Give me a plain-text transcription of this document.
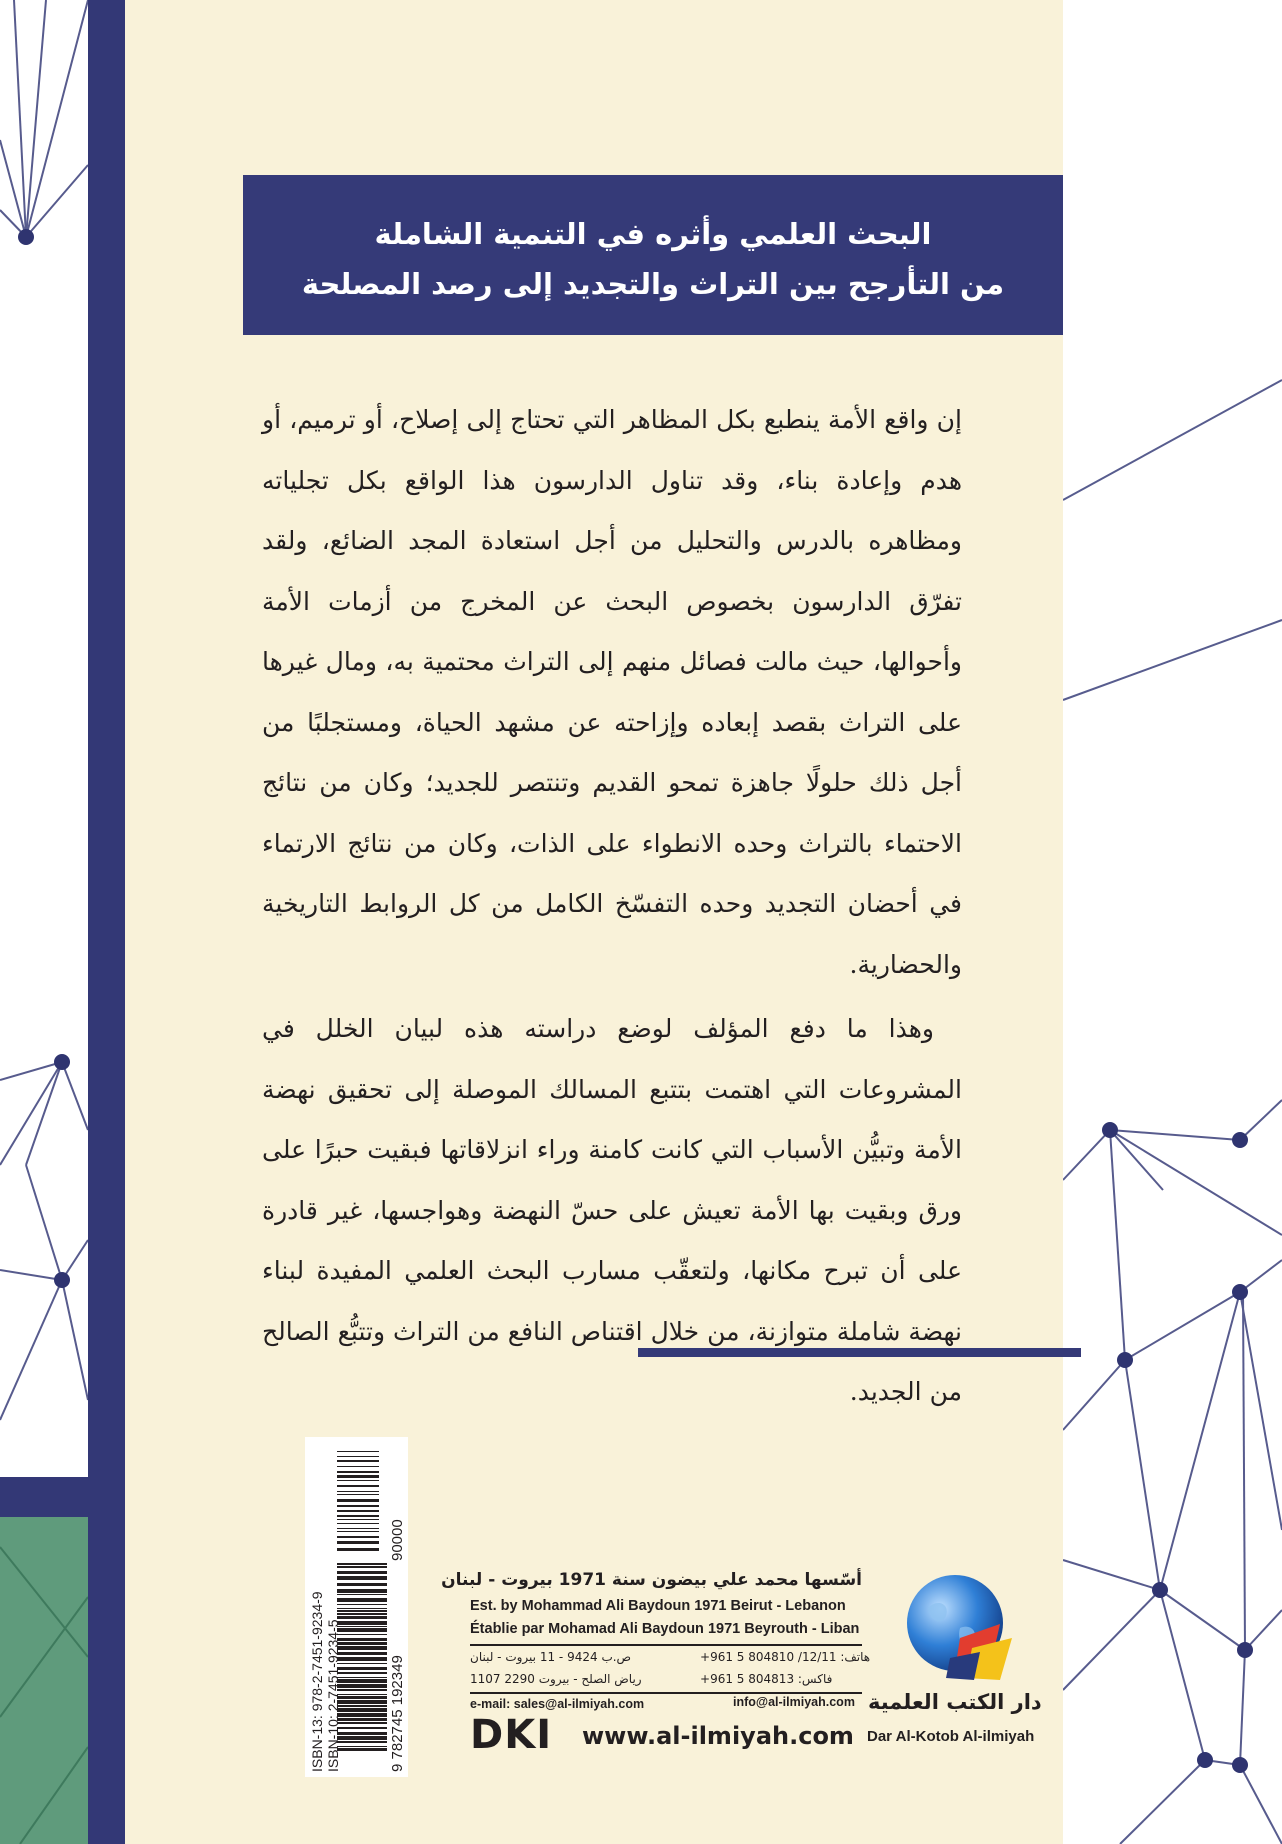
البحث العلمي وأثره في التنمية الشاملة
من التأرجح بين التراث والتجديد إلى رصد المصلحة

إن واقع الأمة ينطبع بكل المظاهر التي تحتاج إلى إصلاح، أو ترميم، أو هدم وإعادة بناء، وقد تناول الدارسون هذا الواقع بكل تجلياته ومظاهره بالدرس والتحليل من أجل استعادة المجد الضائع، ولقد تفرّق الدارسون بخصوص البحث عن المخرج من أزمات الأمة وأحوالها، حيث مالت فصائل منهم إلى التراث محتمية به، ومال غيرها على التراث بقصد إبعاده وإزاحته عن مشهد الحياة، ومستجلبًا من أجل ذلك حلولًا جاهزة تمحو القديم وتنتصر للجديد؛ وكان من نتائج الاحتماء بالتراث وحده الانطواء على الذات، وكان من نتائج الارتماء في أحضان التجديد وحده التفسّخ الكامل من كل الروابط التاريخية والحضارية.

وهذا ما دفع المؤلف لوضع دراسته هذه لبيان الخلل في المشروعات التي اهتمت بتتبع المسالك الموصلة إلى تحقيق نهضة الأمة وتبيُّن الأسباب التي كانت كامنة وراء انزلاقاتها فبقيت حبرًا على ورق وبقيت بها الأمة تعيش على حسّ النهضة وهواجسها، غير قادرة على أن تبرح مكانها، ولتعقّب مسارب البحث العلمي المفيدة لبناء نهضة شاملة متوازنة، من خلال اقتناص النافع من التراث وتتبُّع الصالح من الجديد.

ISBN-13: 978-2-7451-9234-9 ISBN-10: 2-7451-9234-5	9 782745 192349
90000
أسّسها محمد علي بيضون سنة 1971 بيروت - لبنان
Est. by Mohammad Ali Baydoun 1971 Beirut - Lebanon
Établie par Mohamad Ali Baydoun 1971 Beyrouth - Liban
ص.ب 9424 - 11 بيروت - لبنان
رياض الصلح - بيروت 2290 1107
هاتف: 12/11/ 804810 5 961+
فاكس: 804813 5 961+
e-mail: sales@al-ilmiyah.com	info@al-ilmiyah.com دار الكتب العلمية
DKI www.al-ilmiyah.com Dar Al-Kotob Al-ilmiyah
